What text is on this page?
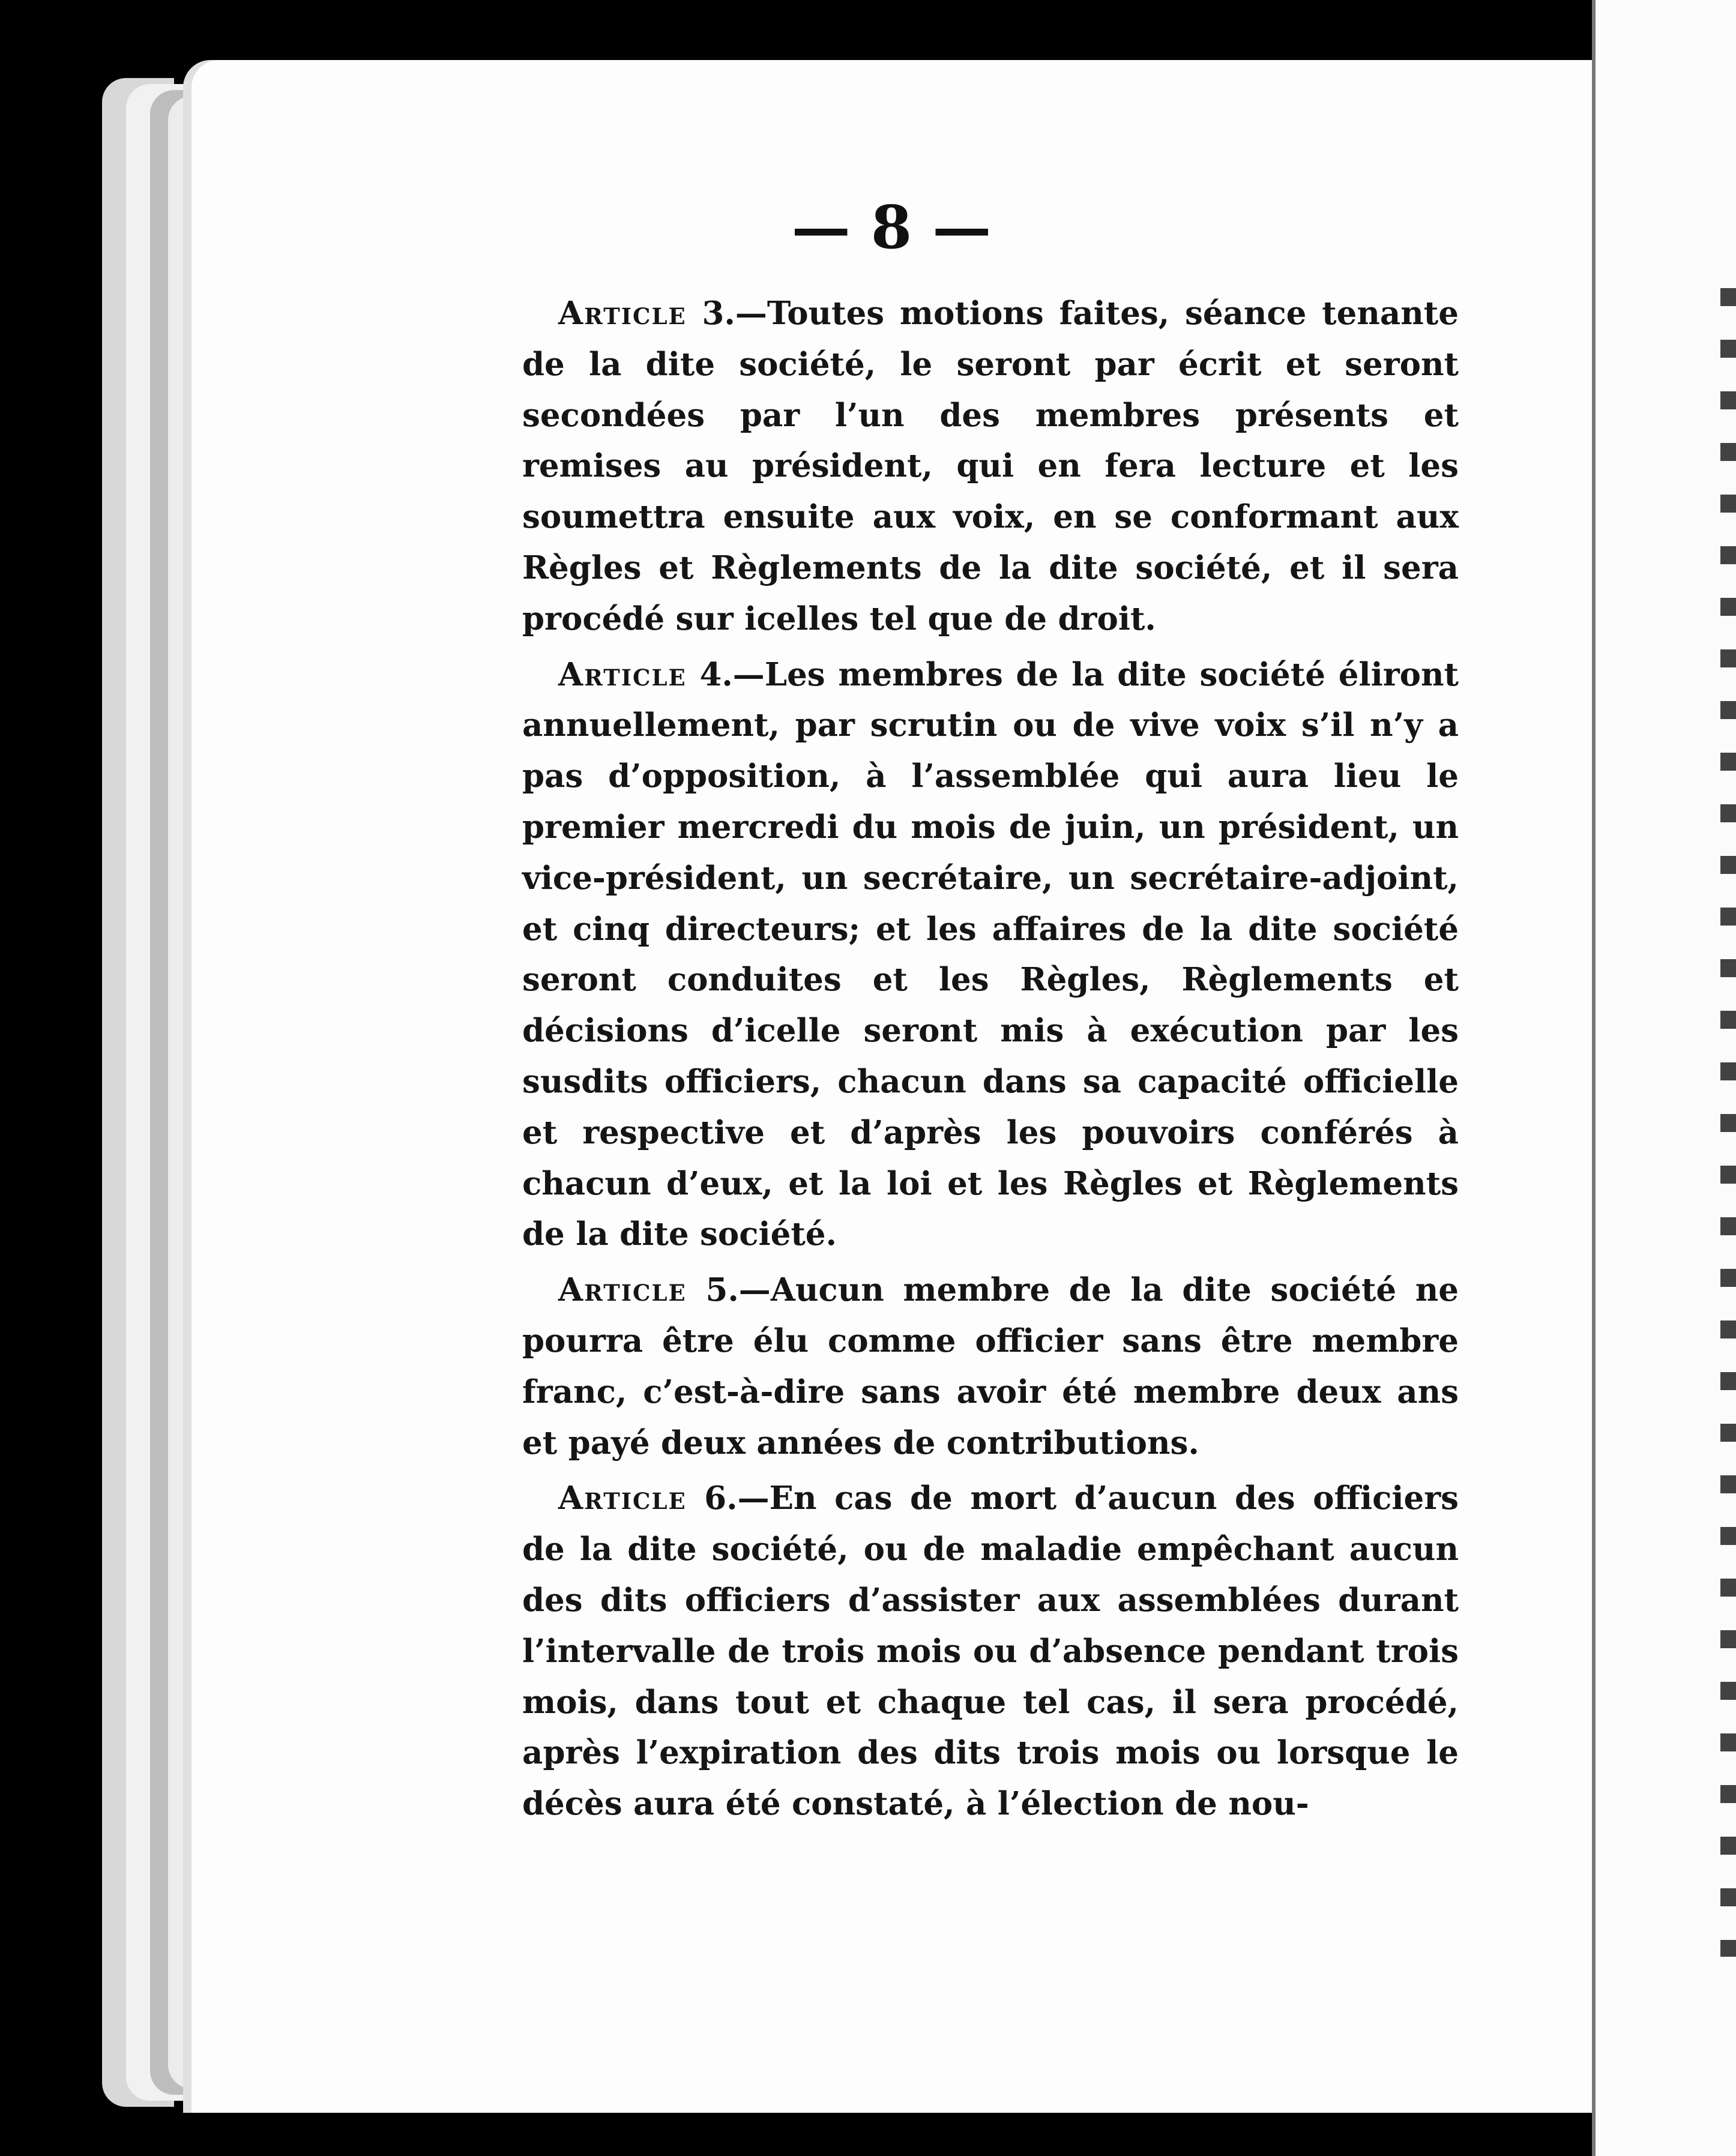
— 8 —

Article 3.—Toutes motions faites, séance tenante de la dite société, le seront par écrit et seront secondées par l’un des membres présents et remises au président, qui en fera lecture et les soumettra ensuite aux voix, en se conformant aux Règles et Règlements de la dite société, et il sera procédé sur icelles tel que de droit.

Article 4.—Les membres de la dite société éliront annuellement, par scrutin ou de vive voix s’il n’y a pas d’opposition, à l’assemblée qui aura lieu le premier mercredi du mois de juin, un président, un vice-président, un secrétaire, un secrétaire-adjoint, et cinq directeurs; et les affaires de la dite société seront conduites et les Règles, Règlements et décisions d’icelle seront mis à exécution par les susdits officiers, chacun dans sa capacité officielle et respective et d’après les pouvoirs conférés à chacun d’eux, et la loi et les Règles et Règlements de la dite société.

Article 5.—Aucun membre de la dite société ne pourra être élu comme officier sans être membre franc, c’est-à-dire sans avoir été membre deux ans et payé deux années de contributions.

Article 6.—En cas de mort d’aucun des officiers de la dite société, ou de maladie empêchant aucun des dits officiers d’assister aux assemblées durant l’intervalle de trois mois ou d’absence pendant trois mois, dans tout et chaque tel cas, il sera procédé, après l’expiration des dits trois mois ou lorsque le décès aura été constaté, à l’élection de nou-
